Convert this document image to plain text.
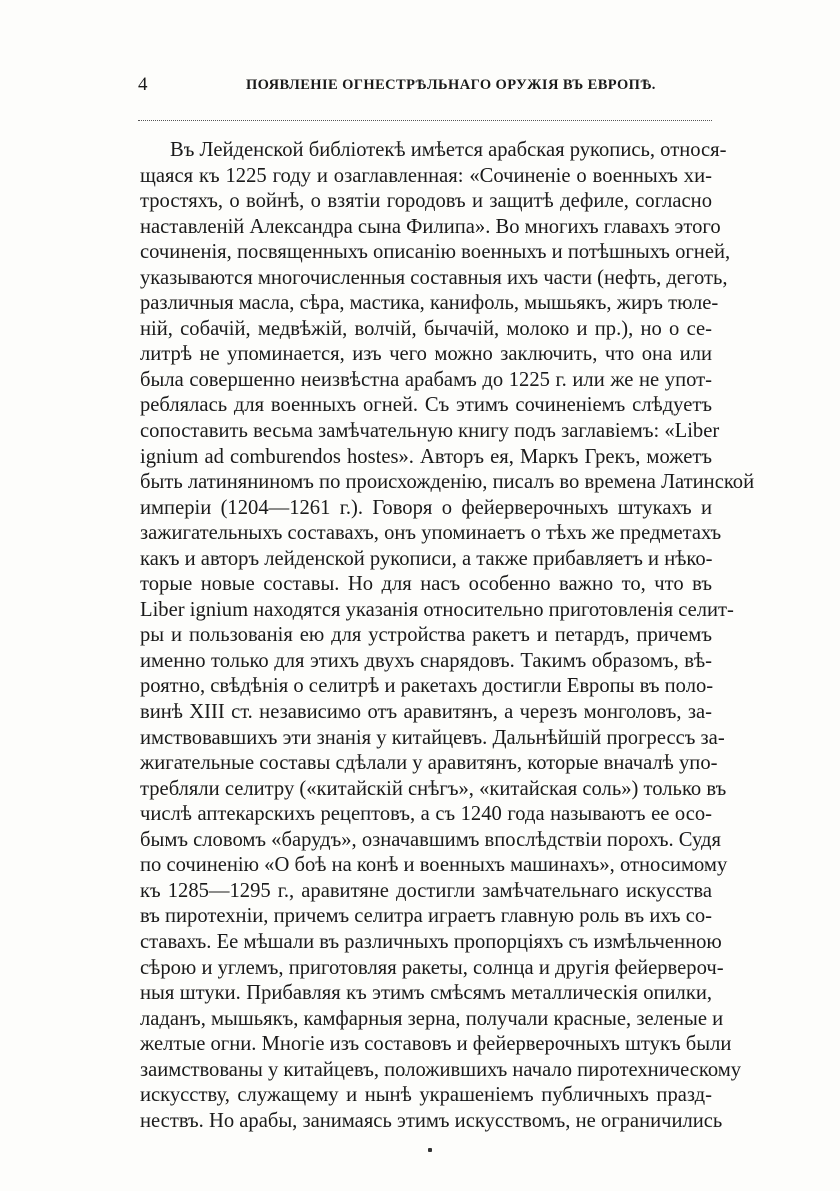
4	ПОЯВЛЕНІЕ ОГНЕСТРѢЛЬНАГО ОРУЖІЯ ВЪ ЕВРОПѢ.
Въ Лейденской библіотекѣ имѣется арабская рукопись, относя-
щаяся къ 1225 году и озаглавленная: «Сочиненіе о военныхъ хи-
тростяхъ, о войнѣ, о взятіи городовъ и защитѣ дефиле, согласно
наставленій Александра сына Филипа». Во многихъ главахъ этого
сочиненія, посвященныхъ описанію военныхъ и потѣшныхъ огней,
указываются многочисленныя составныя ихъ части (нефть, деготь,
различныя масла, сѣра, мастика, канифоль, мышьякъ, жиръ тюле-
ній, собачій, медвѣжій, волчій, бычачій, молоко и пр.), но о се-
литрѣ не упоминается, изъ чего можно заключить, что она или
была совершенно неизвѣстна арабамъ до 1225 г. или же не упот-
реблялась для военныхъ огней. Съ этимъ сочиненіемъ слѣдуетъ
сопоставить весьма замѣчательную книгу подъ заглавіемъ: «Liber
ignium ad comburendos hostes». Авторъ ея, Маркъ Грекъ, можетъ
быть латиняниномъ по происхожденію, писалъ во времена Латинской
имперіи (1204—1261 г.). Говоря о фейерверочныхъ штукахъ и
зажигательныхъ составахъ, онъ упоминаетъ о тѣхъ же предметахъ
какъ и авторъ лейденской рукописи, а также прибавляетъ и нѣко-
торые новые составы. Но для насъ особенно важно то, что въ
Liber ignium находятся указанія относительно приготовленія селит-
ры и пользованія ею для устройства ракетъ и петардъ, причемъ
именно только для этихъ двухъ снарядовъ. Такимъ образомъ, вѣ-
роятно, свѣдѣнія о селитрѣ и ракетахъ достигли Европы въ поло-
винѣ XIII ст. независимо отъ аравитянъ, а черезъ монголовъ, за-
имствовавшихъ эти знанія у китайцевъ. Дальнѣйшій прогрессъ за-
жигательные составы сдѣлали у аравитянъ, которые вначалѣ упо-
требляли селитру («китайскій снѣгъ», «китайская соль») только въ
числѣ аптекарскихъ рецептовъ, а съ 1240 года называютъ ее осо-
бымъ словомъ «барудъ», означавшимъ впослѣдствіи порохъ. Судя
по сочиненію «О боѣ на конѣ и военныхъ машинахъ», относимому
къ 1285—1295 г., аравитяне достигли замѣчательнаго искусства
въ пиротехніи, причемъ селитра играетъ главную роль въ ихъ со-
ставахъ. Ее мѣшали въ различныхъ пропорціяхъ съ измѣльченною
сѣрою и углемъ, приготовляя ракеты, солнца и другія фейервероч-
ныя штуки. Прибавляя къ этимъ смѣсямъ металлическія опилки,
ладанъ, мышьякъ, камфарныя зерна, получали красные, зеленые и
желтые огни. Многіе изъ составовъ и фейерверочныхъ штукъ были
заимствованы у китайцевъ, положившихъ начало пиротехническому
искусству, служащему и нынѣ украшеніемъ публичныхъ празд-
нествъ. Но арабы, занимаясь этимъ искусствомъ, не ограничились
